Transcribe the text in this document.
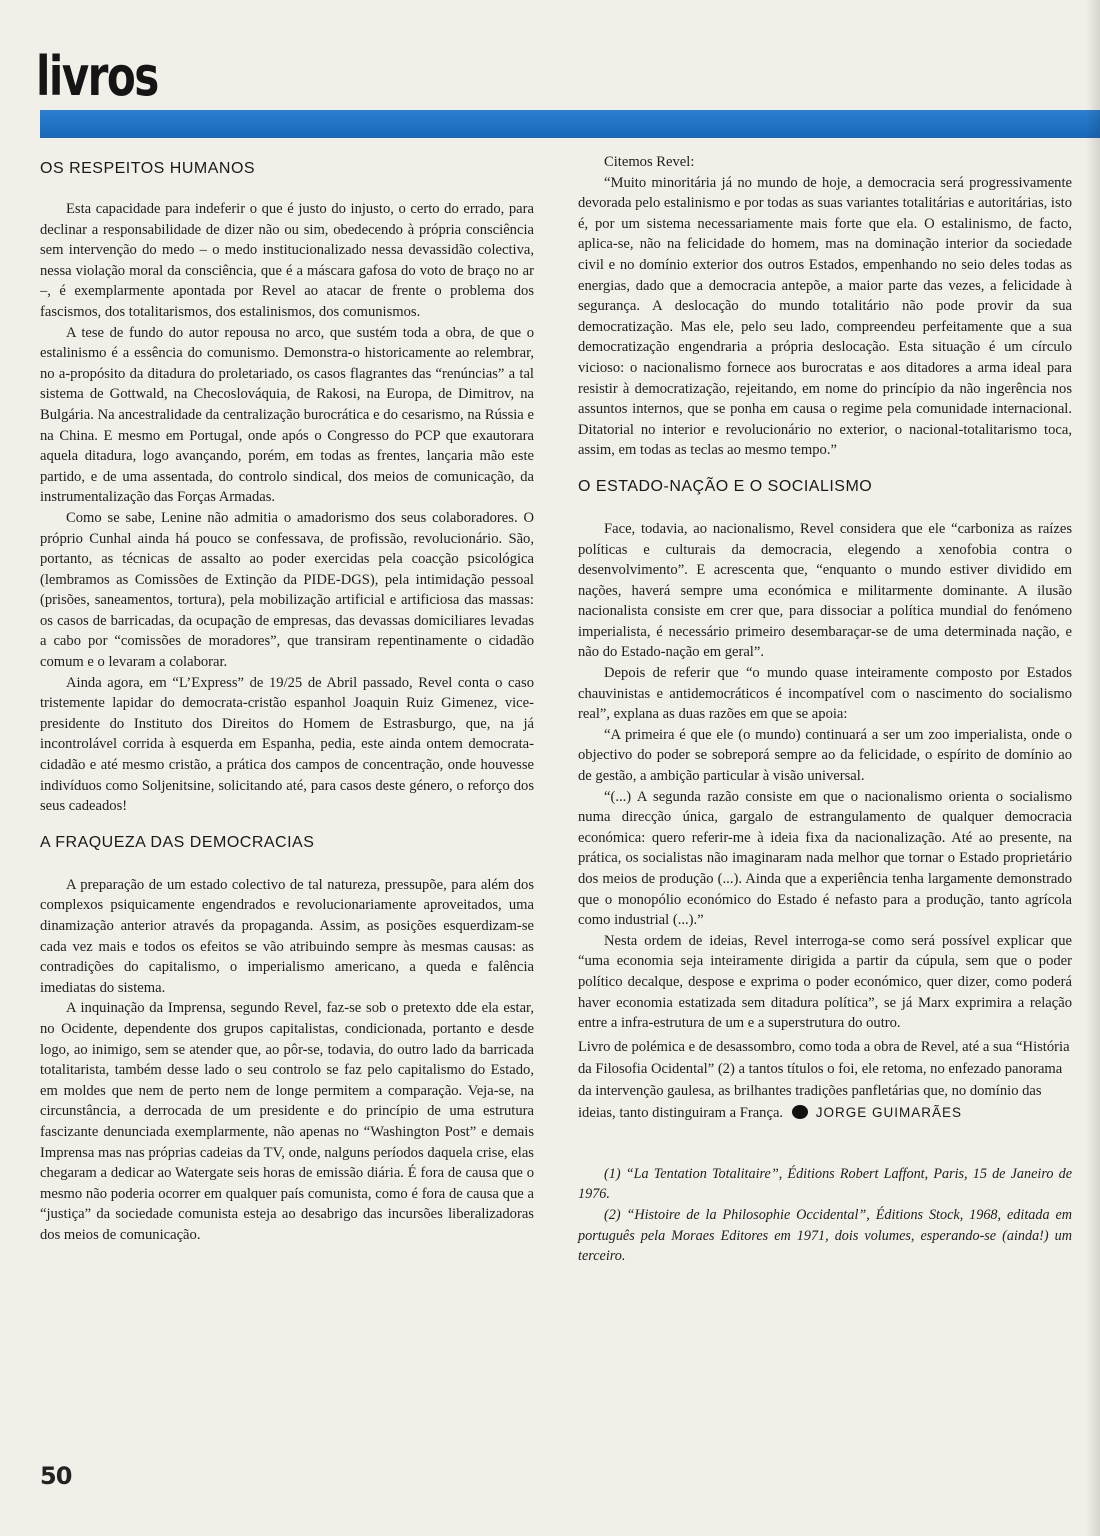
livros
OS RESPEITOS HUMANOS

Esta capacidade para indeferir o que é justo do injusto, o certo do errado, para declinar a responsabilidade de dizer não ou sim, obedecendo à própria consciência sem intervenção do medo – o medo institucionalizado nessa devassidão colectiva, nessa violação moral da consciência, que é a máscara gafosa do voto de braço no ar –, é exemplarmente apontada por Revel ao atacar de frente o problema dos fascismos, dos totalitarismos, dos estalinismos, dos comunismos.

A tese de fundo do autor repousa no arco, que sustém toda a obra, de que o estalinismo é a essência do comunismo. Demonstra-o historicamente ao relembrar, no a-propósito da ditadura do proletariado, os casos flagrantes das “renúncias” a tal sistema de Gottwald, na Checoslováquia, de Rakosi, na Europa, de Dimitrov, na Bulgária. Na ancestralidade da centralização burocrática e do cesarismo, na Rússia e na China. E mesmo em Portugal, onde após o Congresso do PCP que exautorara aquela ditadura, logo avançando, porém, em todas as frentes, lançaria mão este partido, e de uma assentada, do controlo sindical, dos meios de comunicação, da instrumentalização das Forças Armadas.

Como se sabe, Lenine não admitia o amadorismo dos seus colaboradores. O próprio Cunhal ainda há pouco se confessava, de profissão, revolucionário. São, portanto, as técnicas de assalto ao poder exercidas pela coacção psicológica (lembramos as Comissões de Extinção da PIDE-DGS), pela intimidação pessoal (prisões, saneamentos, tortura), pela mobilização artificial e artificiosa das massas: os casos de barricadas, da ocupação de empresas, das devassas domiciliares levadas a cabo por “comissões de moradores”, que transiram repentinamente o cidadão comum e o levaram a colaborar.

Ainda agora, em “L’Express” de 19/25 de Abril passado, Revel conta o caso tristemente lapidar do democrata-cristão espanhol Joaquin Ruiz Gimenez, vice-presidente do Instituto dos Direitos do Homem de Estrasburgo, que, na já incontrolável corrida à esquerda em Espanha, pedia, este ainda ontem democrata-cidadão e até mesmo cristão, a prática dos campos de concentração, onde houvesse indivíduos como Soljenitsine, solicitando até, para casos deste género, o reforço dos seus cadeados!

A FRAQUEZA DAS DEMOCRACIAS

A preparação de um estado colectivo de tal natureza, pressupõe, para além dos complexos psiquicamente engendrados e revolucionariamente aproveitados, uma dinamização anterior através da propaganda. Assim, as posições esquerdizam-se cada vez mais e todos os efeitos se vão atribuindo sempre às mesmas causas: as contradições do capitalismo, o imperialismo americano, a queda e falência imediatas do sistema.

A inquinação da Imprensa, segundo Revel, faz-se sob o pretexto dde ela estar, no Ocidente, dependente dos grupos capitalistas, condicionada, portanto e desde logo, ao inimigo, sem se atender que, ao pôr-se, todavia, do outro lado da barricada totalitarista, também desse lado o seu controlo se faz pelo capitalismo do Estado, em moldes que nem de perto nem de longe permitem a comparação. Veja-se, na circunstância, a derrocada de um presidente e do princípio de uma estrutura fascizante denunciada exemplarmente, não apenas no “Washington Post” e demais Imprensa mas nas próprias cadeias da TV, onde, nalguns períodos daquela crise, elas chegaram a dedicar ao Watergate seis horas de emissão diária. É fora de causa que o mesmo não poderia ocorrer em qualquer país comunista, como é fora de causa que a “justiça” da sociedade comunista esteja ao desabrigo das incursões liberalizadoras dos meios de comunicação.

Citemos Revel:

“Muito minoritária já no mundo de hoje, a democracia será progressivamente devorada pelo estalinismo e por todas as suas variantes totalitárias e autoritárias, isto é, por um sistema necessariamente mais forte que ela. O estalinismo, de facto, aplica-se, não na felicidade do homem, mas na dominação interior da sociedade civil e no domínio exterior dos outros Estados, empenhando no seio deles todas as energias, dado que a democracia antepõe, a maior parte das vezes, a felicidade à segurança. A deslocação do mundo totalitário não pode provir da sua democratização. Mas ele, pelo seu lado, compreendeu perfeitamente que a sua democratização engendraria a própria deslocação. Esta situação é um círculo vicioso: o nacionalismo fornece aos burocratas e aos ditadores a arma ideal para resistir à democratização, rejeitando, em nome do princípio da não ingerência nos assuntos internos, que se ponha em causa o regime pela comunidade internacional. Ditatorial no interior e revolucionário no exterior, o nacional-totalitarismo toca, assim, em todas as teclas ao mesmo tempo.”

O ESTADO-NAÇÃO E O SOCIALISMO

Face, todavia, ao nacionalismo, Revel considera que ele “carboniza as raízes políticas e culturais da democracia, elegendo a xenofobia contra o desenvolvimento”. E acrescenta que, “enquanto o mundo estiver dividido em nações, haverá sempre uma económica e militarmente dominante. A ilusão nacionalista consiste em crer que, para dissociar a política mundial do fenómeno imperialista, é necessário primeiro desembaraçar-se de uma determinada nação, e não do Estado-nação em geral”.

Depois de referir que “o mundo quase inteiramente composto por Estados chauvinistas e antidemocráticos é incompatível com o nascimento do socialismo real”, explana as duas razões em que se apoia:

“A primeira é que ele (o mundo) continuará a ser um zoo imperialista, onde o objectivo do poder se sobreporá sempre ao da felicidade, o espírito de domínio ao de gestão, a ambição particular à visão universal.

“(...) A segunda razão consiste em que o nacionalismo orienta o socialismo numa direcção única, gargalo de estrangulamento de qualquer democracia económica: quero referir-me à ideia fixa da nacionalização. Até ao presente, na prática, os socialistas não imaginaram nada melhor que tornar o Estado proprietário dos meios de produção (...). Ainda que a experiência tenha largamente demonstrado que o monopólio económico do Estado é nefasto para a produção, tanto agrícola como industrial (...).”

Nesta ordem de ideias, Revel interroga-se como será possível explicar que “uma economia seja inteiramente dirigida a partir da cúpula, sem que o poder político decalque, despose e exprima o poder económico, quer dizer, como poderá haver economia estatizada sem ditadura política”, se já Marx exprimira a relação entre a infra-estrutura de um e a superstrutura do outro.

Livro de polémica e de desassombro, como toda a obra de Revel, até a sua “História da Filosofia Ocidental” (2) a tantos títulos o foi, ele retoma, no enfezado panorama da intervenção gaulesa, as brilhantes tradições panfletárias que, no domínio das ideias, tanto distinguiram a França.	JORGE GUIMARÃES

(1) “La Tentation Totalitaire”, Éditions Robert Laffont, Paris, 15 de Janeiro de 1976.

(2) “Histoire de la Philosophie Occidental”, Éditions Stock, 1968, editada em português pela Moraes Editores em 1971, dois volumes, esperando-se (ainda!) um terceiro.

50
